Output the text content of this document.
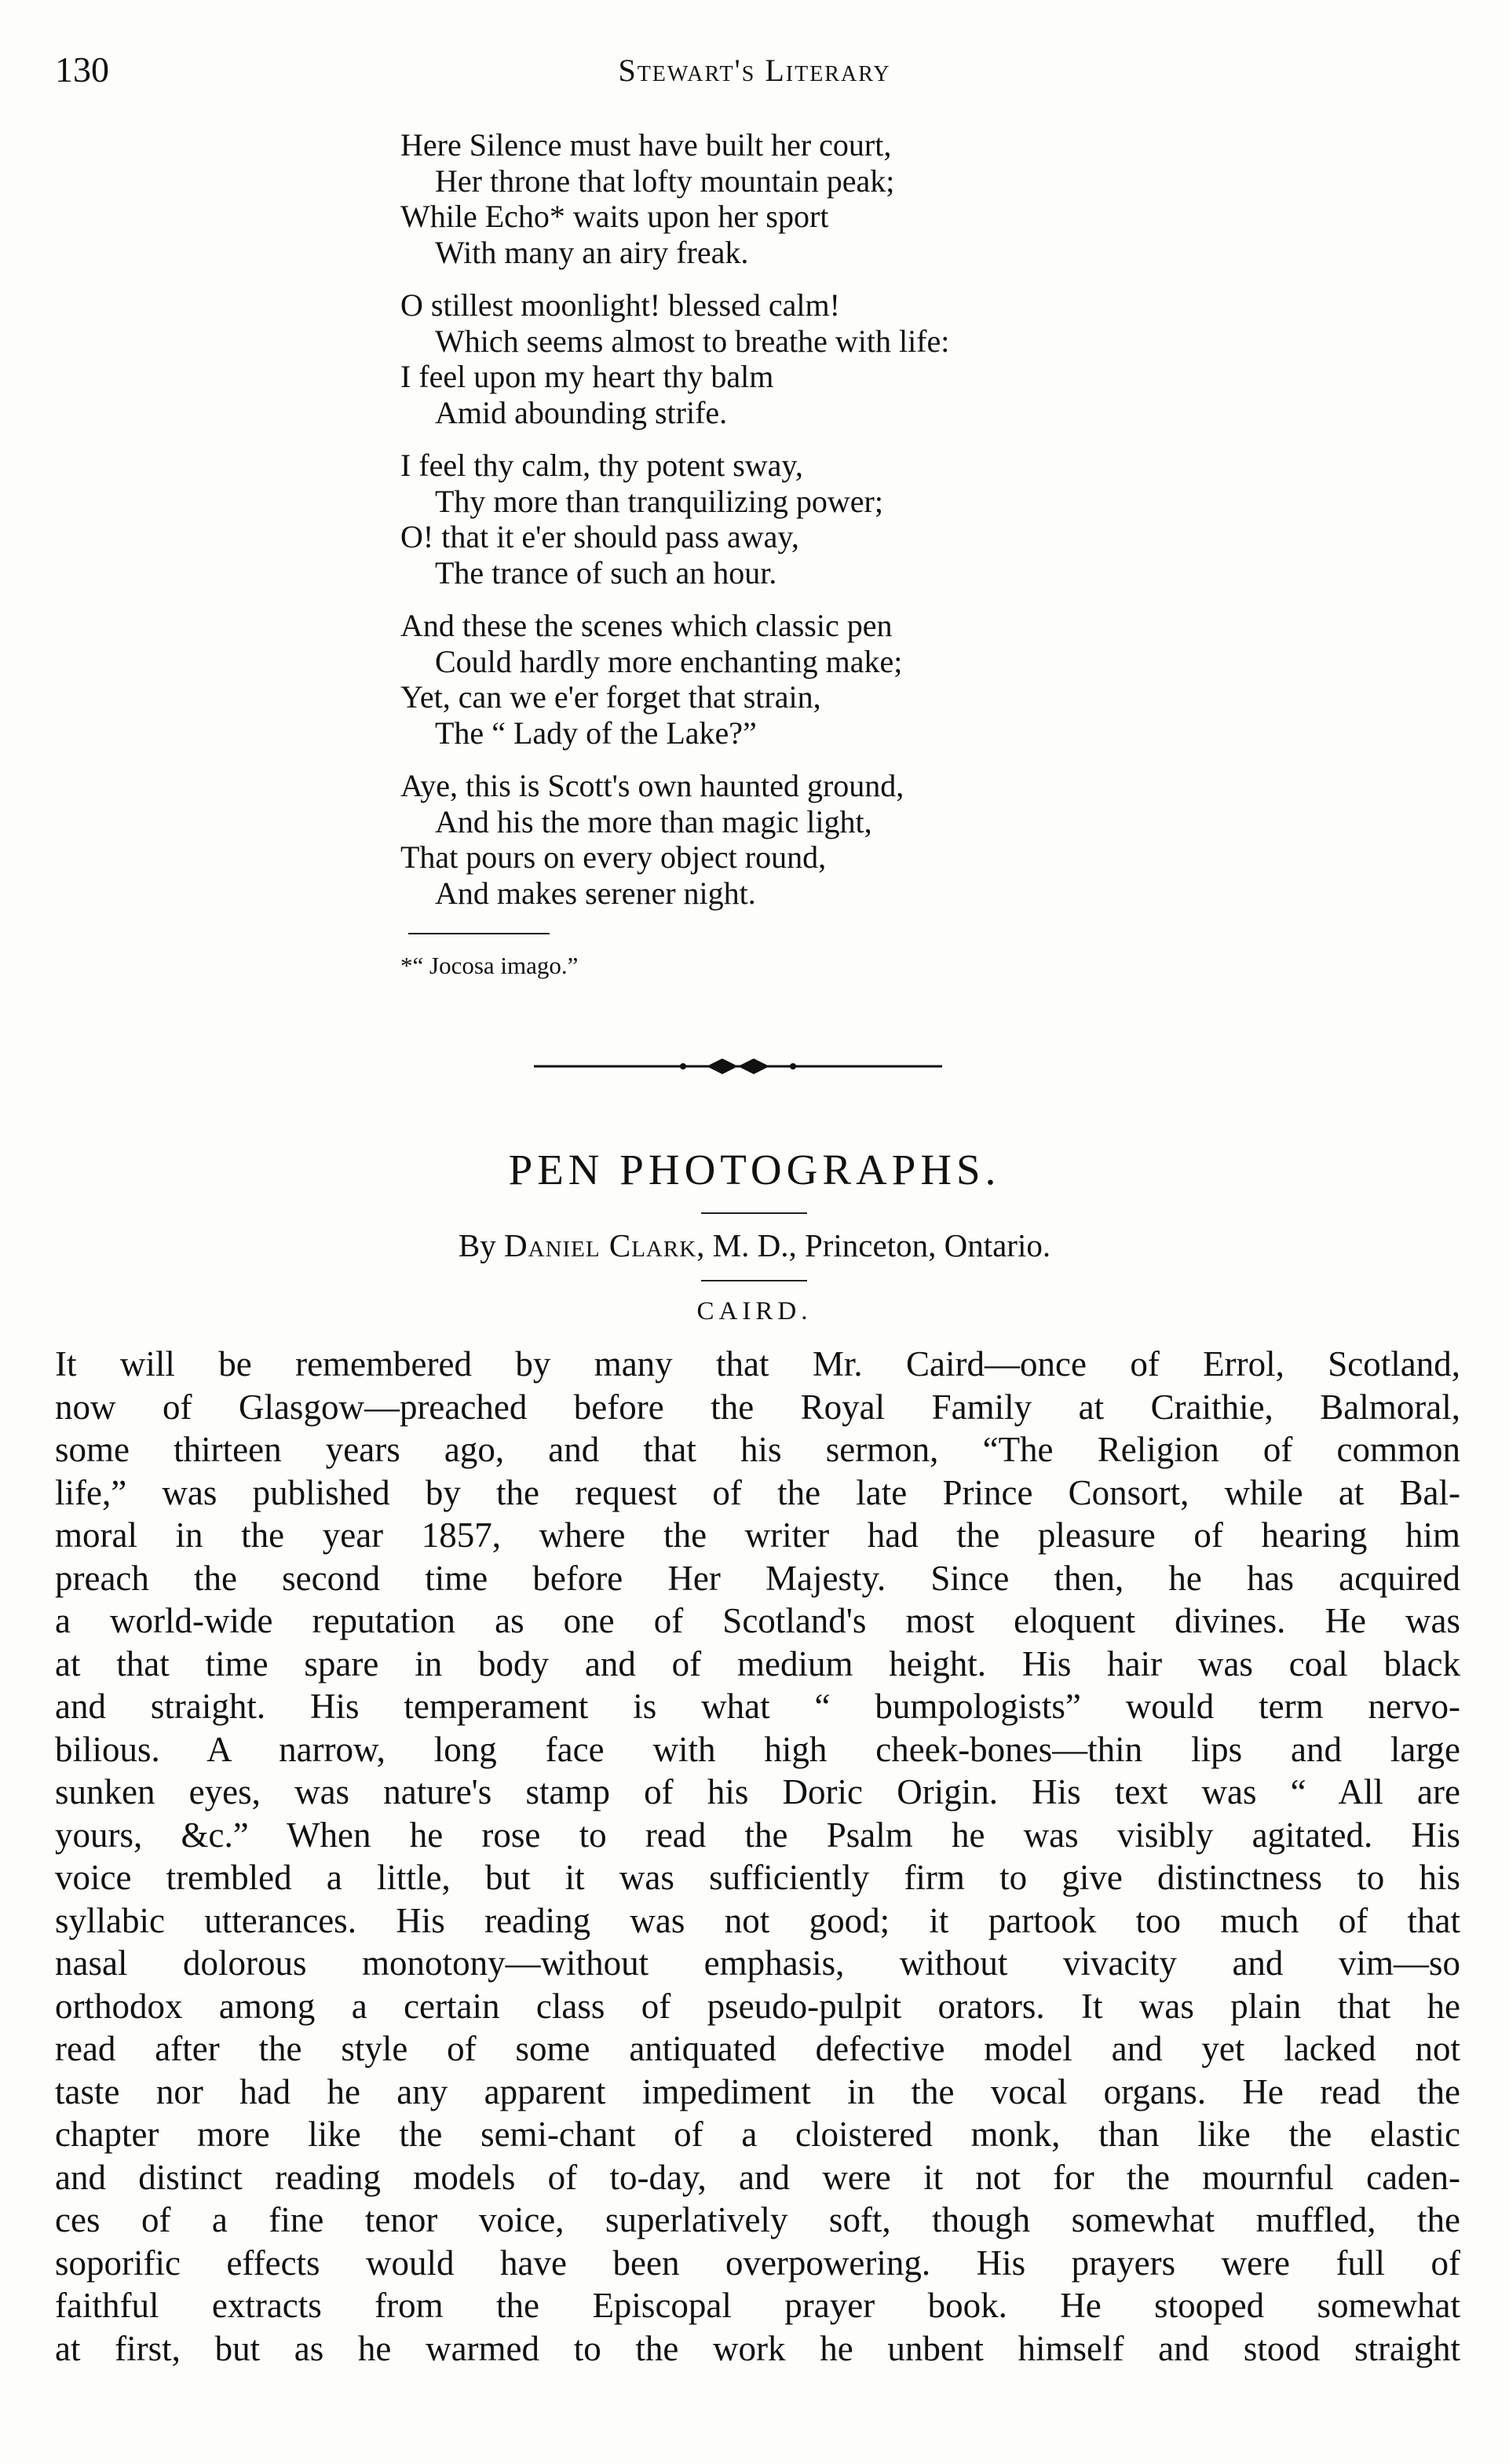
130	Stewart's Literary
Here Silence must have built her court,
Her throne that lofty mountain peak;
While Echo* waits upon her sport
With many an airy freak.
O stillest moonlight! blessed calm!
Which seems almost to breathe with life:
I feel upon my heart thy balm
Amid abounding strife.
I feel thy calm, thy potent sway,
Thy more than tranquilizing power;
O! that it e'er should pass away,
The trance of such an hour.
And these the scenes which classic pen
Could hardly more enchanting make;
Yet, can we e'er forget that strain,
The “ Lady of the Lake?”
Aye, this is Scott's own haunted ground,
And his the more than magic light,
That pours on every object round,
And makes serener night.
*“ Jocosa imago.”
PEN PHOTOGRAPHS.
By Daniel Clark, M. D., Princeton, Ontario.
CAIRD.
It will be remembered by many that Mr. Caird—once of Errol, Scotland,
now of Glasgow—preached before the Royal Family at Craithie, Balmoral,
some thirteen years ago, and that his sermon, “The Religion of common
life,” was published by the request of the late Prince Consort, while at Bal-
moral in the year 1857, where the writer had the pleasure of hearing him
preach the second time before Her Majesty. Since then, he has acquired
a world-wide reputation as one of Scotland's most eloquent divines. He was
at that time spare in body and of medium height. His hair was coal black
and straight. His temperament is what “ bumpologists” would term nervo-
bilious. A narrow, long face with high cheek-bones—thin lips and large
sunken eyes, was nature's stamp of his Doric Origin. His text was “ All are
yours, &c.” When he rose to read the Psalm he was visibly agitated. His
voice trembled a little, but it was sufficiently firm to give distinctness to his
syllabic utterances. His reading was not good; it partook too much of that
nasal dolorous monotony—without emphasis, without vivacity and vim—so
orthodox among a certain class of pseudo-pulpit orators. It was plain that he
read after the style of some antiquated defective model and yet lacked not
taste nor had he any apparent impediment in the vocal organs. He read the
chapter more like the semi-chant of a cloistered monk, than like the elastic
and distinct reading models of to-day, and were it not for the mournful caden-
ces of a fine tenor voice, superlatively soft, though somewhat muffled, the
soporific effects would have been overpowering. His prayers were full of
faithful extracts from the Episcopal prayer book. He stooped somewhat
at first, but as he warmed to the work he unbent himself and stood straight
